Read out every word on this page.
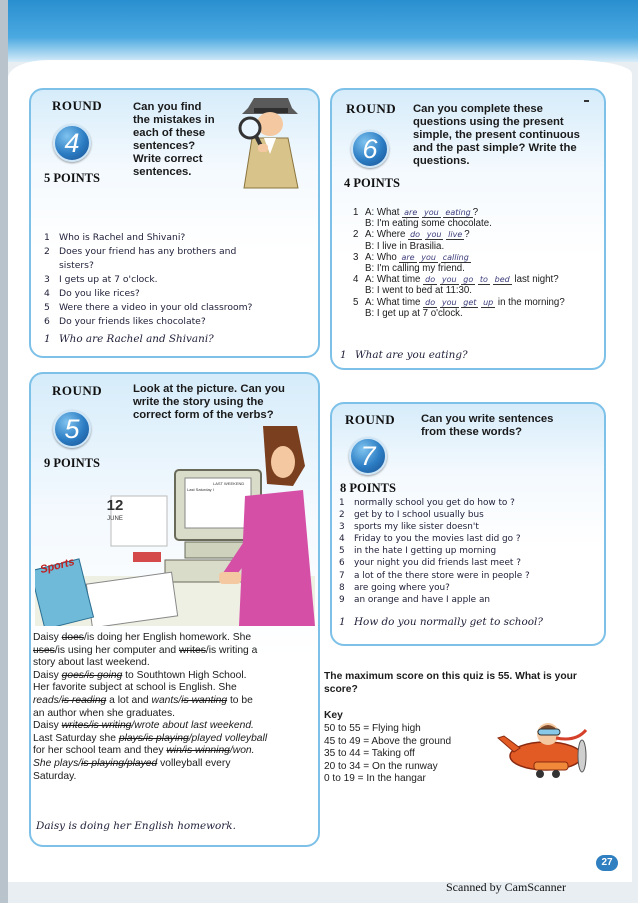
ROUND
4
5 POINTS
Can you find
the mistakes in
each of these
sentences?
Write correct
sentences.
1 Who is Rachel and Shivani?
2 Does your friend has any brothers and
sisters?
3 I gets up at 7 o'clock.
4 Do you like rices?
5 Were there a video in your old classroom?
6 Do your friends likes chocolate?
1 Who are Rachel and Shivani?
ROUND
6
4 POINTS
Can you complete these
questions using the present
simple, the present continuous
and the past simple? Write the
questions.
1 A: What are you eating ?
B: I'm eating some chocolate.
2 A: Where do you live ?
B: I live in Brasilia.
3 A: Who are you calling
B: I'm calling my friend.
4 A: What time do you go to bed last night?
B: I went to bed at 11:30.
5 A: What time do you get up in the morning?
B: I get up at 7 o'clock.
1 What are you eating?
ROUND
5
9 POINTS
Look at the picture. Can you
write the story using the
correct form of the verbs?
12
JUNE
Sports
LAST WEEKEND
Last Saturday I
Daisy does/is doing her English homework. She
uses/is using her computer and writes/is writing a
story about last weekend.
Daisy goes/is going to Southtown High School.
Her favorite subject at school is English. She
reads/is reading a lot and wants/is wanting to be
an author when she graduates.
Daisy writes/is writing/wrote about last weekend.
Last Saturday she plays/is playing/played volleyball
for her school team and they win/is winning/won.
She plays/is playing/played volleyball every
Saturday.
Daisy is doing her English homework.
ROUND
7
8 POINTS
Can you write sentences
from these words?
1 normally school you get do how to ?
2 get by to I school usually bus
3 sports my like sister doesn't
4 Friday to you the movies last did go ?
5 in the hate I getting up morning
6 your night you did friends last meet ?
7 a lot of the there store were in people ?
8 are going where you?
9 an orange and have I apple an
1 How do you normally get to school?
The maximum score on this quiz is 55. What is your score?
Key
50 to 55 = Flying high
45 to 49 = Above the ground
35 to 44 = Taking off
20 to 34 = On the runway
0 to 19 = In the hangar
27
Scanned by CamScanner
